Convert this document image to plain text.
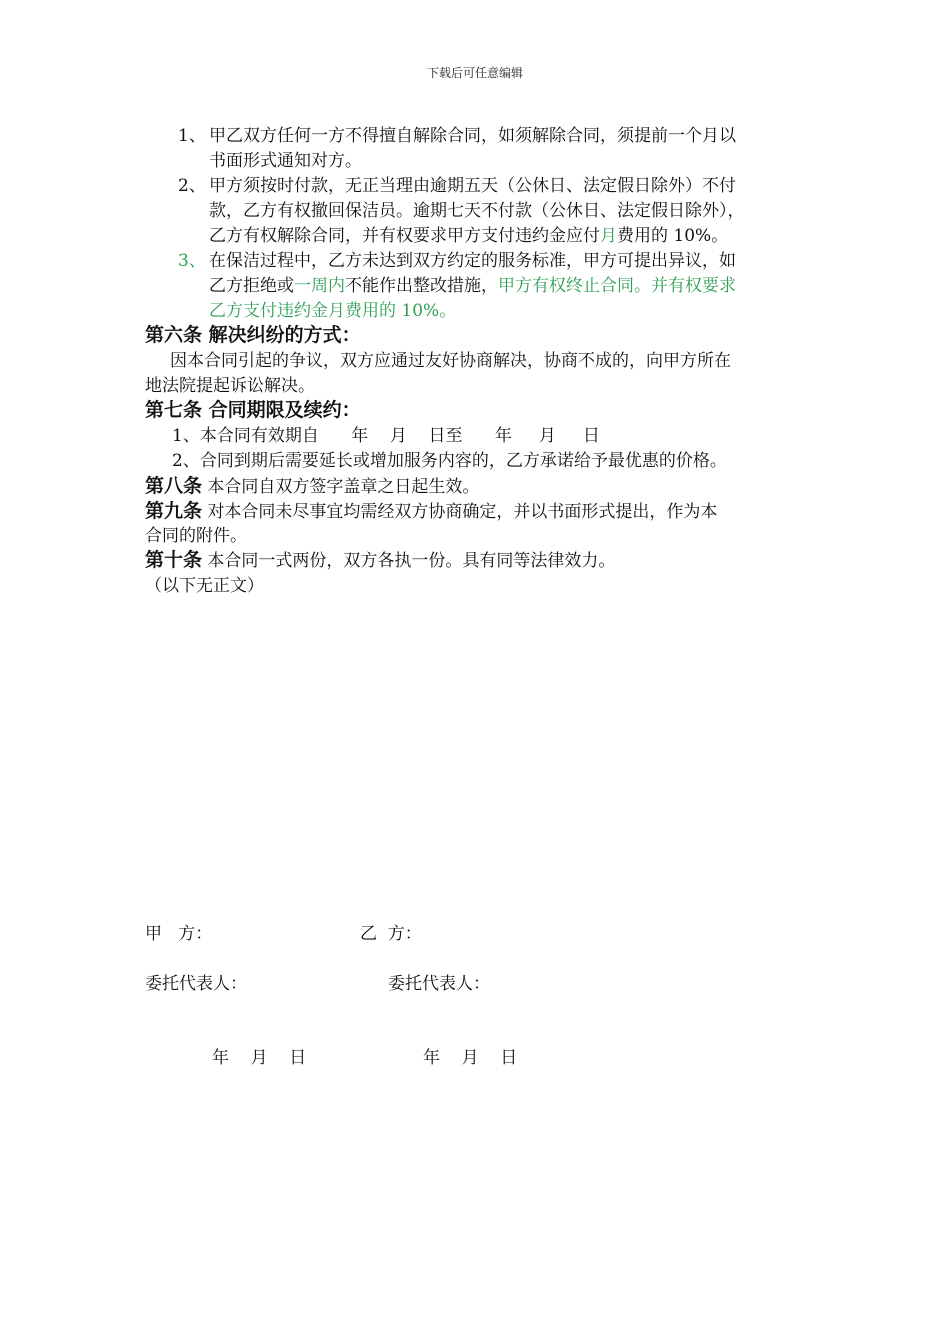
下载后可任意编辑
1、 甲乙双方任何一方不得擅自解除合同，如须解除合同，须提前一个月以
书面形式通知对方。
2、 甲方须按时付款，无正当理由逾期五天（公休日、法定假日除外）不付
款，乙方有权撤回保洁员。逾期七天不付款（公休日、法定假日除外），
乙方有权解除合同，并有权要求甲方支付违约金应付月费用的 10%。
3、 在保洁过程中，乙方未达到双方约定的服务标准，甲方可提出异议，如
乙方拒绝或一周内不能作出整改措施，甲方有权终止合同。并有权要求
乙方支付违约金月费用的 10%。
第六条 解决纠纷的方式：
因本合同引起的争议，双方应通过友好协商解决，协商不成的，向甲方所在
地法院提起诉讼解决。
第七条 合同期限及续约：
1、本合同有效期自      年    月    日至      年     月     日
2、合同到期后需要延长或增加服务内容的，乙方承诺给予最优惠的价格。
第八条 本合同自双方签字盖章之日起生效。
第九条 对本合同未尽事宜均需经双方协商确定，并以书面形式提出，作为本
合同的附件。
第十条 本合同一式两份，双方各执一份。具有同等法律效力。
（以下无正文）
甲   方：	乙  方：
委托代表人：	委托代表人：
年    月    日	年    月    日
